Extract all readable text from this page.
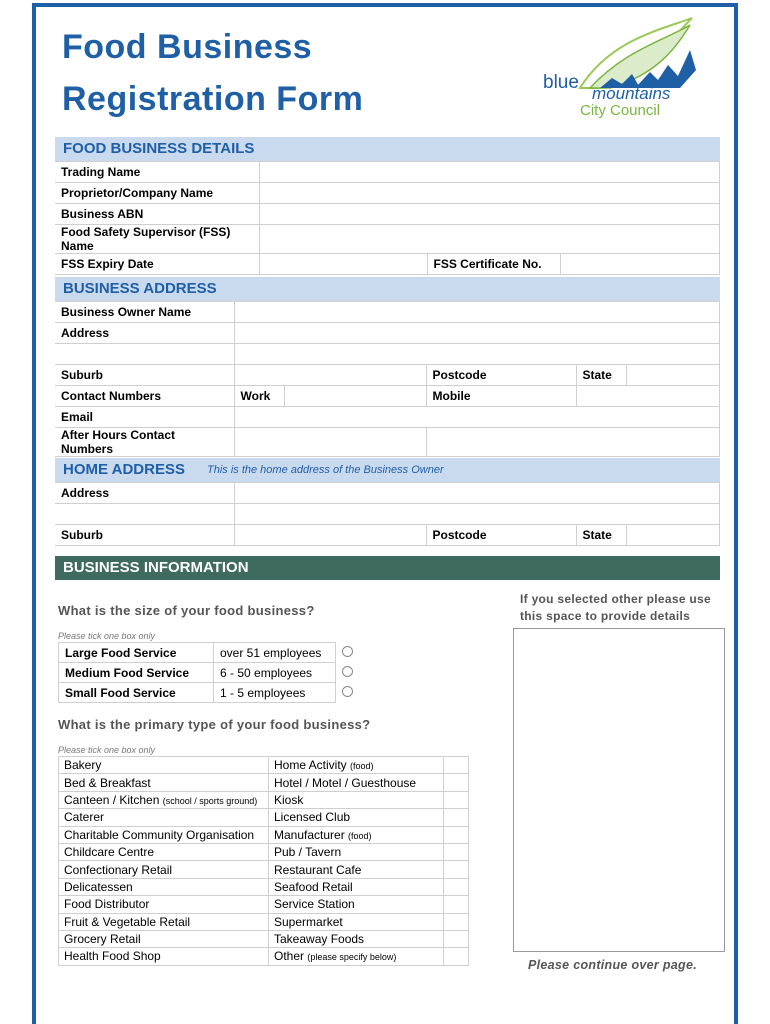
Food Business
Registration Form	blue
mountains
City Council
FOOD BUSINESS DETAILS
Trading Name			
Proprietor/Company Name			
Business ABN			
Food Safety Supervisor (FSS) Name			
FSS Expiry Date		FSS Certificate No.	
BUSINESS ADDRESS
Business Owner Name					
Address					

Suburb			Postcode	State	
Contact Numbers	Work		Mobile		
Email					
After Hours Contact Numbers					
HOME ADDRESS This is the home address of the Business Owner
Address				

Suburb		Postcode	State	
BUSINESS INFORMATION
What is the size of your food business?
Please tick one box only
Large Food Service	over 51 employees	
Medium Food Service	6 - 50 employees	
Small Food Service	1 - 5 employees	
What is the primary type of your food business?
Please tick one box only
Bakery	Home Activity (food)	
Bed & Breakfast	Hotel / Motel / Guesthouse	
Canteen / Kitchen (school / sports ground)	Kiosk	
Caterer	Licensed Club	
Charitable Community Organisation	Manufacturer (food)	
Childcare Centre	Pub / Tavern	
Confectionary Retail	Restaurant Cafe	
Delicatessen	Seafood Retail	
Food Distributor	Service Station	
Fruit & Vegetable Retail	Supermarket	
Grocery Retail	Takeaway Foods	
Health Food Shop	Other (please specify below)	
If you selected other please use
this space to provide details
Please continue over page.
